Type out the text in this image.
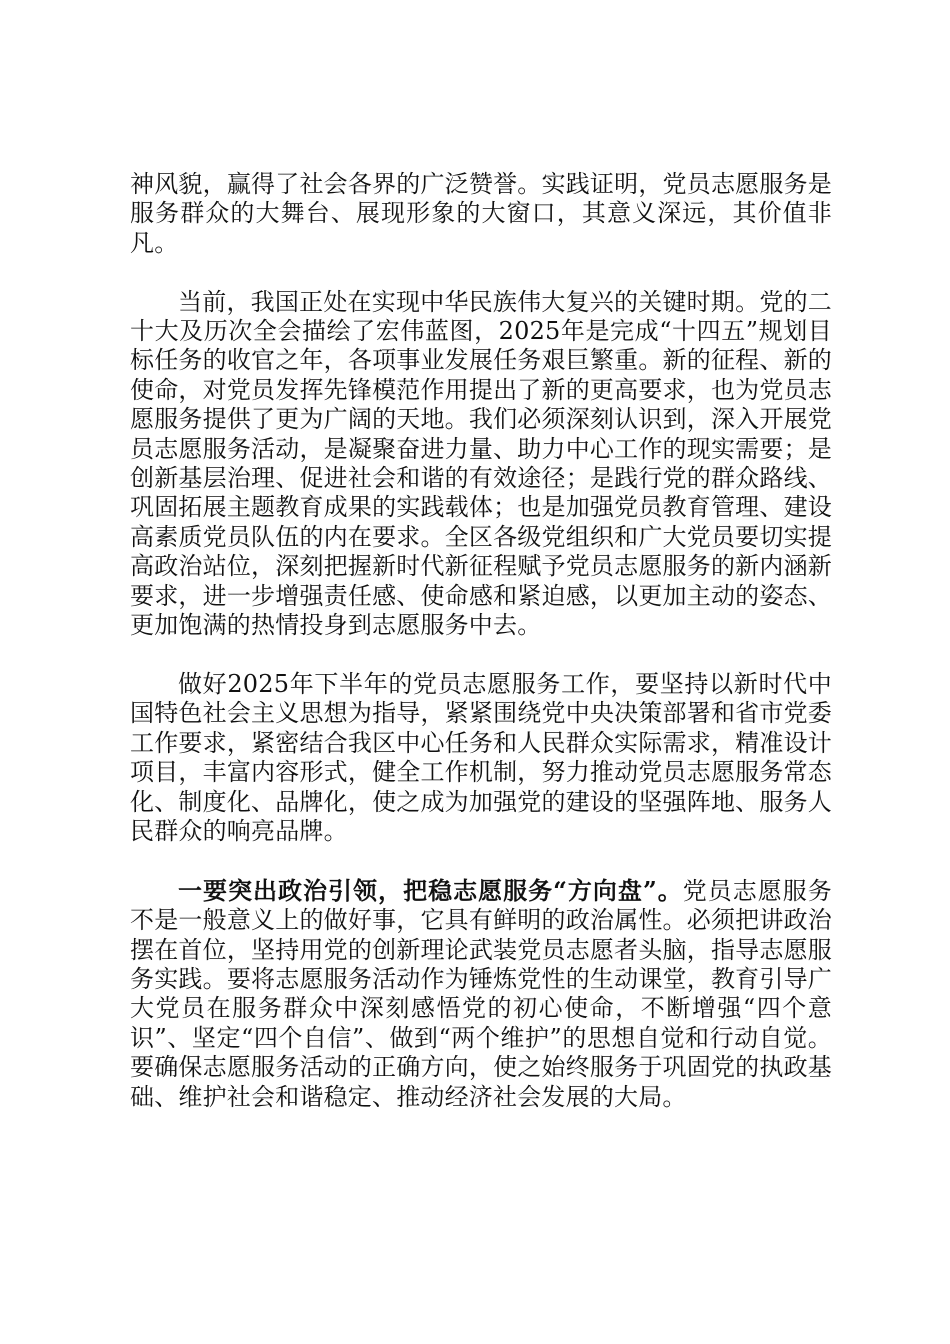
神风貌，赢得了社会各界的广泛赞誉。实践证明，党员志愿服务是服务群众的大舞台、展现形象的大窗口，其意义深远，其价值非凡。

当前，我国正处在实现中华民族伟大复兴的关键时期。党的二十大及历次全会描绘了宏伟蓝图，2025年是完成“十四五”规划目标任务的收官之年，各项事业发展任务艰巨繁重。新的征程、新的使命，对党员发挥先锋模范作用提出了新的更高要求，也为党员志愿服务提供了更为广阔的天地。我们必须深刻认识到，深入开展党员志愿服务活动，是凝聚奋进力量、助力中心工作的现实需要；是创新基层治理、促进社会和谐的有效途径；是践行党的群众路线、巩固拓展主题教育成果的实践载体；也是加强党员教育管理、建设高素质党员队伍的内在要求。全区各级党组织和广大党员要切实提高政治站位，深刻把握新时代新征程赋予党员志愿服务的新内涵新要求，进一步增强责任感、使命感和紧迫感，以更加主动的姿态、更加饱满的热情投身到志愿服务中去。

做好2025年下半年的党员志愿服务工作，要坚持以新时代中国特色社会主义思想为指导，紧紧围绕党中央决策部署和省市党委工作要求，紧密结合我区中心任务和人民群众实际需求，精准设计项目，丰富内容形式，健全工作机制，努力推动党员志愿服务常态化、制度化、品牌化，使之成为加强党的建设的坚强阵地、服务人民群众的响亮品牌。

一要突出政治引领，把稳志愿服务“方向盘”。党员志愿服务不是一般意义上的做好事，它具有鲜明的政治属性。必须把讲政治摆在首位，坚持用党的创新理论武装党员志愿者头脑，指导志愿服务实践。要将志愿服务活动作为锤炼党性的生动课堂，教育引导广大党员在服务群众中深刻感悟党的初心使命，不断增强“四个意识”、坚定“四个自信”、做到“两个维护”的思想自觉和行动自觉。要确保志愿服务活动的正确方向，使之始终服务于巩固党的执政基础、维护社会和谐稳定、推动经济社会发展的大局。
